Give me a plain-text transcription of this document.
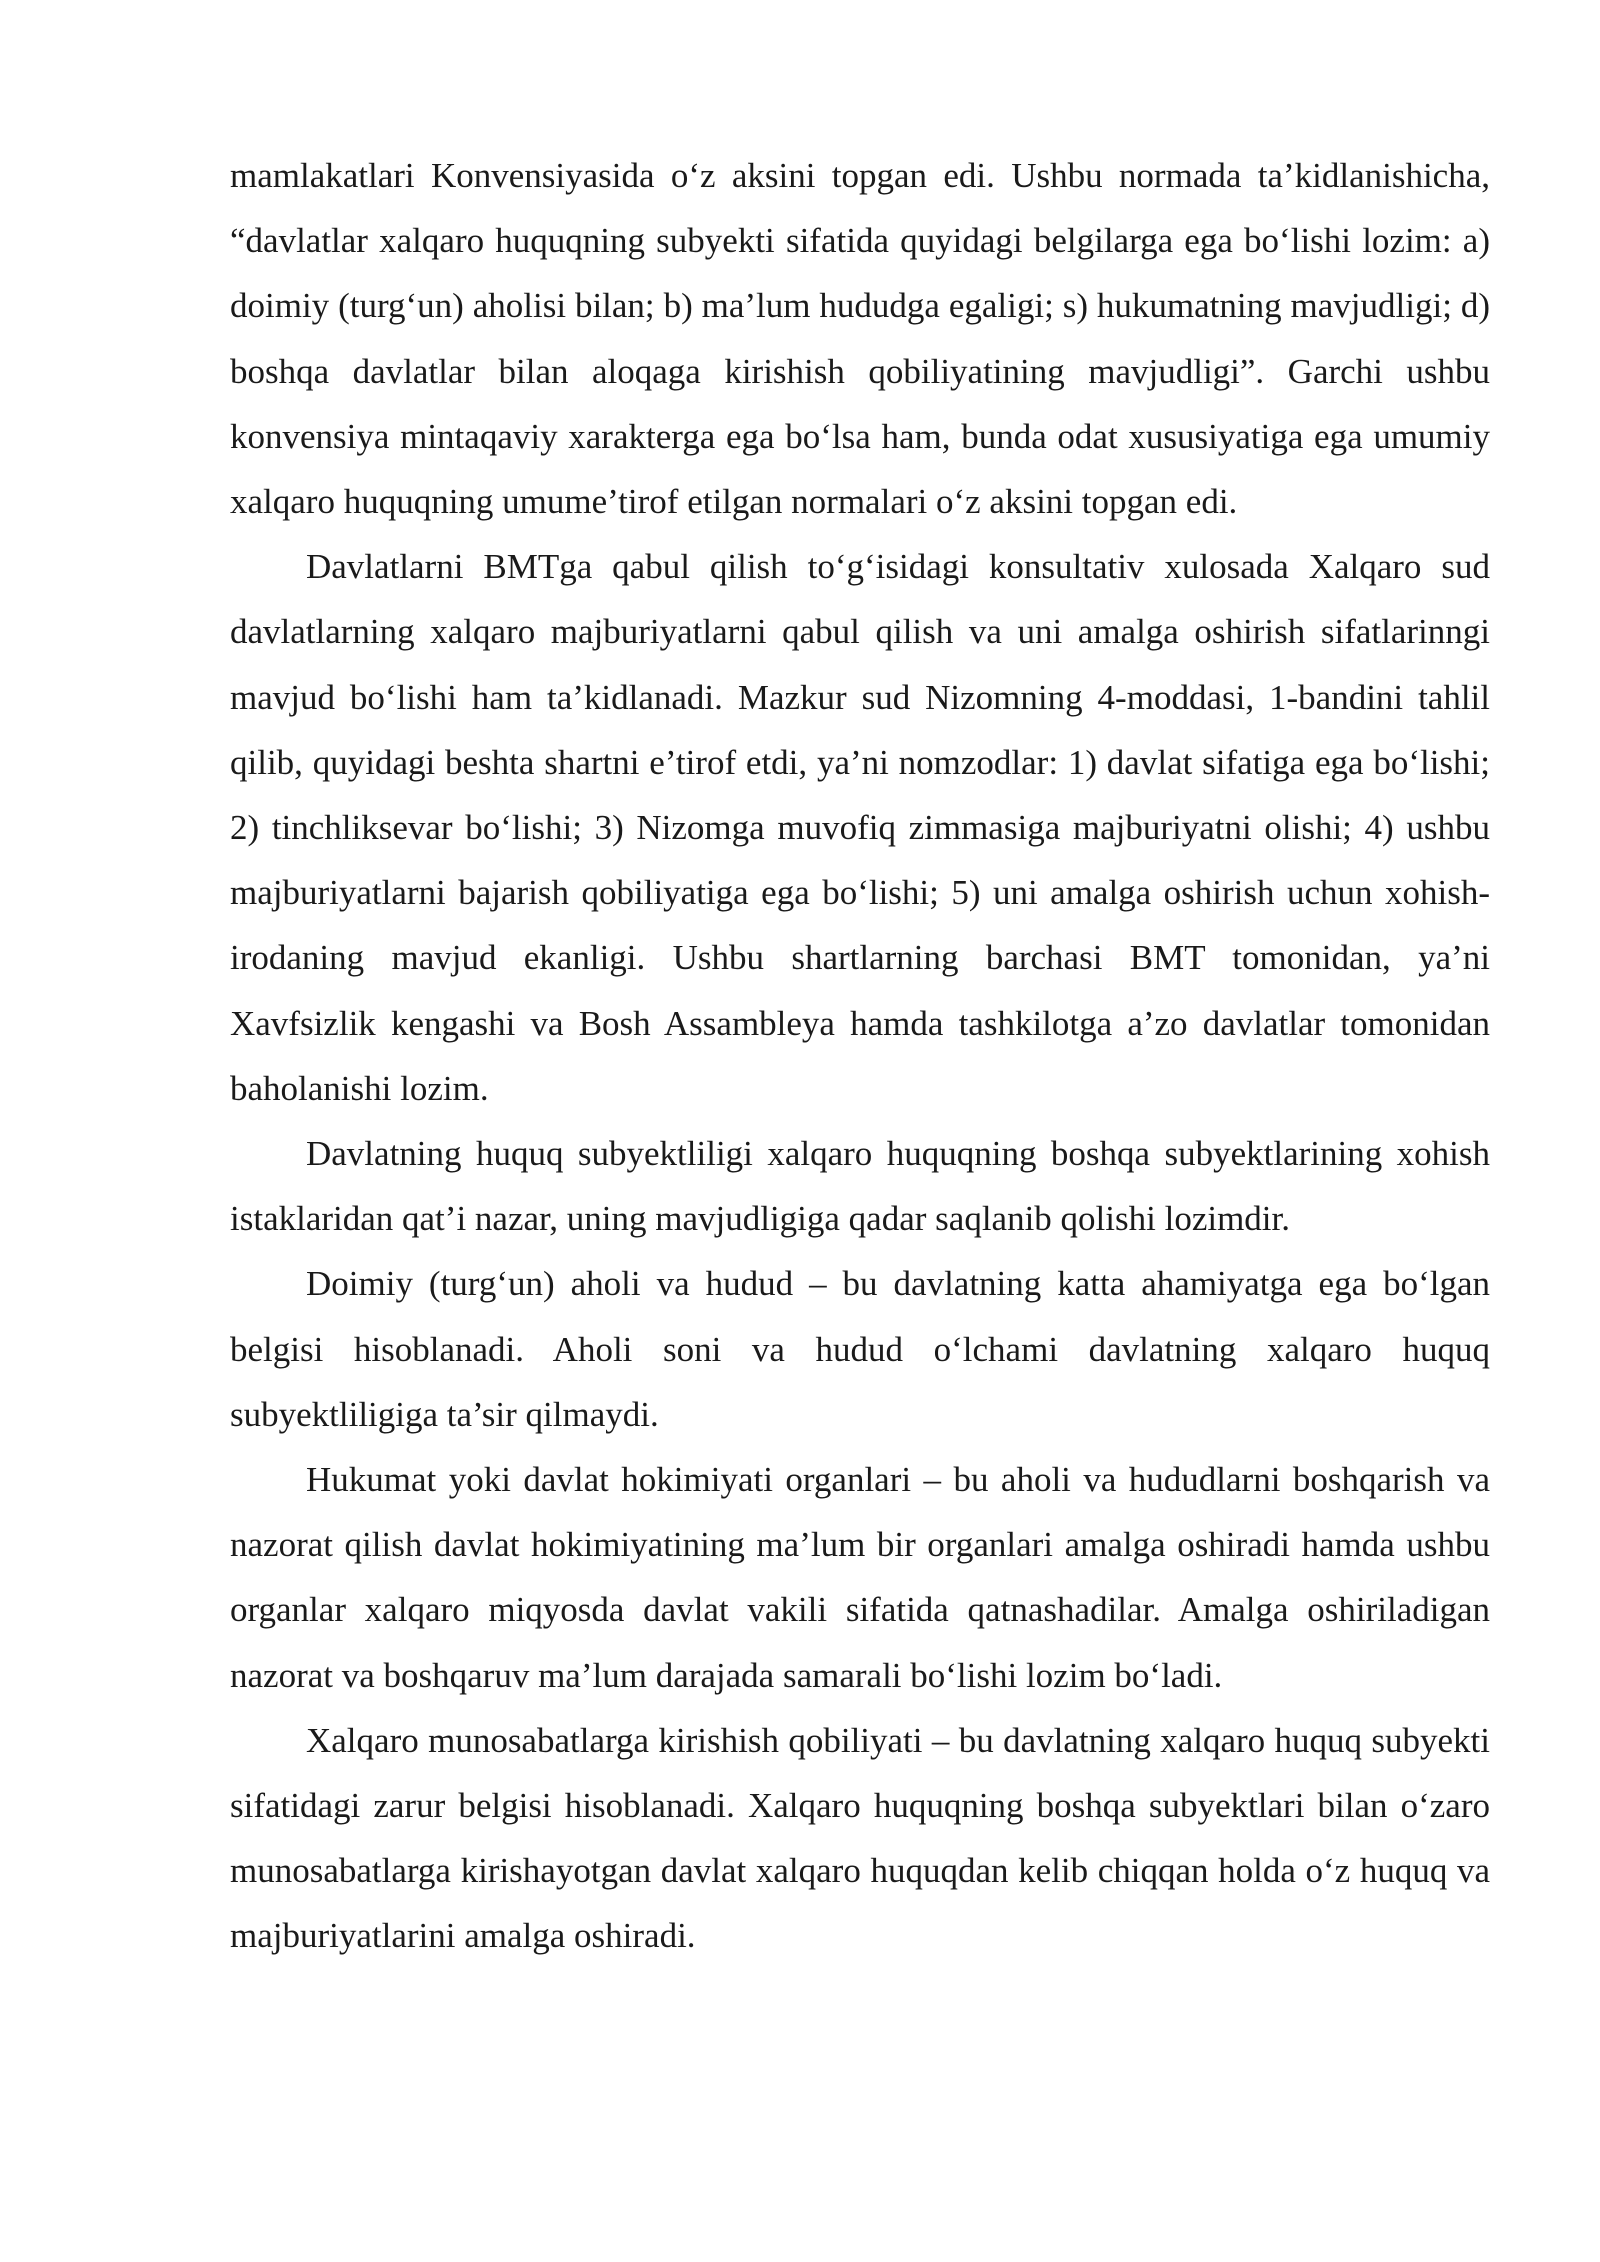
mamlakatlari Konvensiyasida o‘z aksini topgan edi. Ushbu normada ta’kidlanishicha, “davlatlar xalqaro huquqning subyekti sifatida quyidagi belgilarga ega bo‘lishi lozim: a) doimiy (turg‘un) aholisi bilan; b) ma’lum hududga egaligi; s) hukumatning mavjudligi; d) boshqa davlatlar bilan aloqaga kirishish qobiliyatining mavjudligi”. Garchi ushbu konvensiya mintaqaviy xarakterga ega bo‘lsa ham, bunda odat xususiyatiga ega umumiy xalqaro huquqning umume’tirof etilgan normalari o‘z aksini topgan edi.

Davlatlarni BMTga qabul qilish to‘g‘isidagi konsultativ xulosada Xalqaro sud davlatlarning xalqaro majburiyatlarni qabul qilish va uni amalga oshirish sifatlarinngi mavjud bo‘lishi ham ta’kidlanadi. Mazkur sud Nizomning 4-moddasi, 1-bandini tahlil qilib, quyidagi beshta shartni e’tirof etdi, ya’ni nomzodlar: 1) davlat sifatiga ega bo‘lishi; 2) tinchliksevar bo‘lishi; 3) Nizomga muvofiq zimmasiga majburiyatni olishi; 4) ushbu majburiyatlarni bajarish qobiliyatiga ega bo‘lishi; 5) uni amalga oshirish uchun xohish-irodaning mavjud ekanligi. Ushbu shartlarning barchasi BMT tomonidan, ya’ni Xavfsizlik kengashi va Bosh Assambleya hamda tashkilotga a’zo davlatlar tomonidan baholanishi lozim.

Davlatning huquq subyektliligi xalqaro huquqning boshqa subyektlarining xohish istaklaridan qat’i nazar, uning mavjudligiga qadar saqlanib qolishi lozimdir.

Doimiy (turg‘un) aholi va hudud – bu davlatning katta ahamiyatga ega bo‘lgan belgisi hisoblanadi. Aholi soni va hudud o‘lchami davlatning xalqaro huquq subyektliligiga ta’sir qilmaydi.

Hukumat yoki davlat hokimiyati organlari – bu aholi va hududlarni boshqarish va nazorat qilish davlat hokimiyatining ma’lum bir organlari amalga oshiradi hamda ushbu organlar xalqaro miqyosda davlat vakili sifatida qatnashadilar. Amalga oshiriladigan nazorat va boshqaruv ma’lum darajada samarali bo‘lishi lozim bo‘ladi.

Xalqaro munosabatlarga kirishish qobiliyati – bu davlatning xalqaro huquq subyekti sifatidagi zarur belgisi hisoblanadi. Xalqaro huquqning boshqa subyektlari bilan o‘zaro munosabatlarga kirishayotgan davlat xalqaro huquqdan kelib chiqqan holda o‘z huquq va majburiyatlarini amalga oshiradi.
